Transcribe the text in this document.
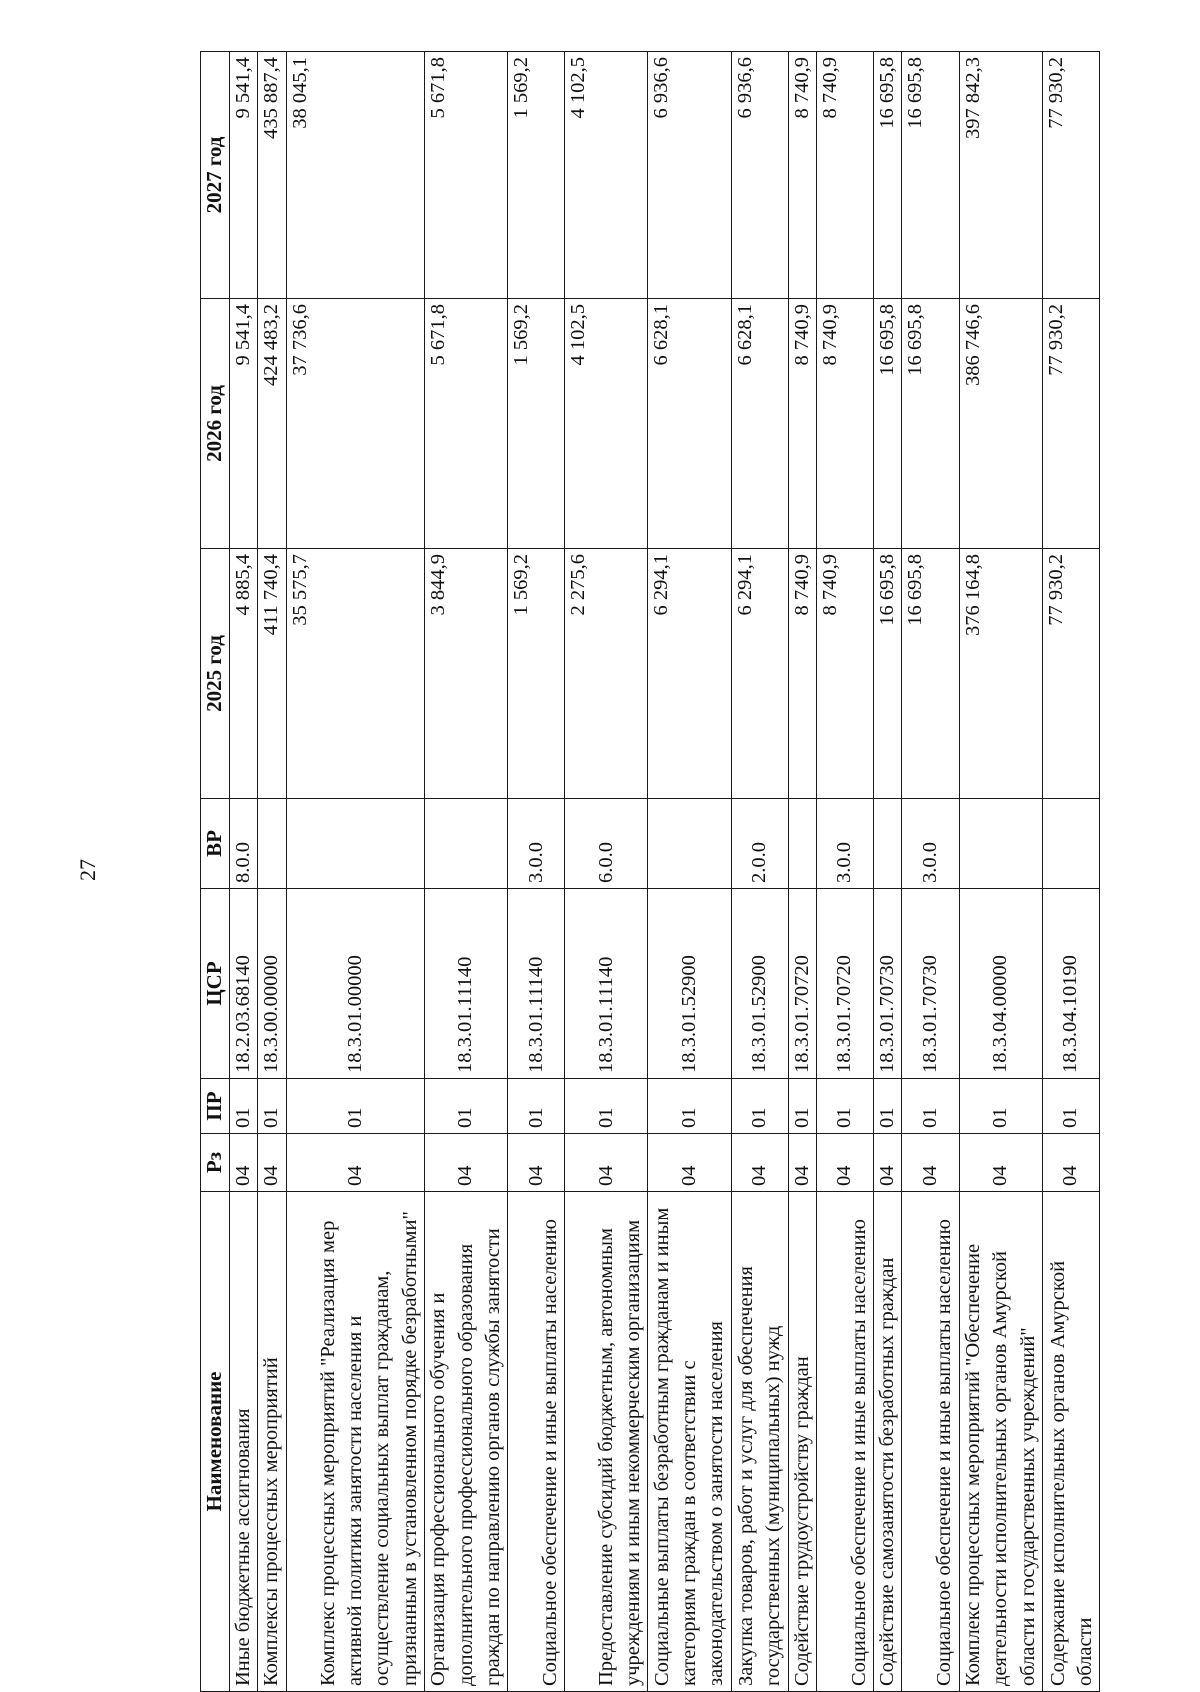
27
Наименование	Рз	ПР	ЦСР	ВР	2025 год	2026 год	2027 год
Иные бюджетные ассигнования	04	01	18.2.03.68140	8.0.0	4 885,4	9 541,4	9 541,4
Комплексы процессных мероприятий	04	01	18.3.00.00000		411 740,4	424 483,2	435 887,4
Комплекс процессных мероприятий "Реализация мер активной политики занятости населения и осуществление социальных выплат гражданам, признанным в установленном порядке безработными"	04	01	18.3.01.00000		35 575,7	37 736,6	38 045,1
Организация профессионального обучения и дополнительного профессионального образования граждан по направлению органов службы занятости	04	01	18.3.01.11140		3 844,9	5 671,8	5 671,8
Социальное обеспечение и иные выплаты населению	04	01	18.3.01.11140	3.0.0	1 569,2	1 569,2	1 569,2
Предоставление субсидий бюджетным, автономным учреждениям и иным некоммерческим организациям	04	01	18.3.01.11140	6.0.0	2 275,6	4 102,5	4 102,5
Социальные выплаты безработным гражданам и иным категориям граждан в соответствии с законодательством о занятости населения	04	01	18.3.01.52900		6 294,1	6 628,1	6 936,6
Закупка товаров, работ и услуг для обеспечения государственных (муниципальных) нужд	04	01	18.3.01.52900	2.0.0	6 294,1	6 628,1	6 936,6
Содействие трудоустройству граждан	04	01	18.3.01.70720		8 740,9	8 740,9	8 740,9
Социальное обеспечение и иные выплаты населению	04	01	18.3.01.70720	3.0.0	8 740,9	8 740,9	8 740,9
Содействие самозанятости безработных граждан	04	01	18.3.01.70730		16 695,8	16 695,8	16 695,8
Социальное обеспечение и иные выплаты населению	04	01	18.3.01.70730	3.0.0	16 695,8	16 695,8	16 695,8
Комплекс процессных мероприятий "Обеспечение деятельности исполнительных органов Амурской области и государственных учреждений"	04	01	18.3.04.00000		376 164,8	386 746,6	397 842,3
Содержание исполнительных органов Амурской области	04	01	18.3.04.10190		77 930,2	77 930,2	77 930,2
